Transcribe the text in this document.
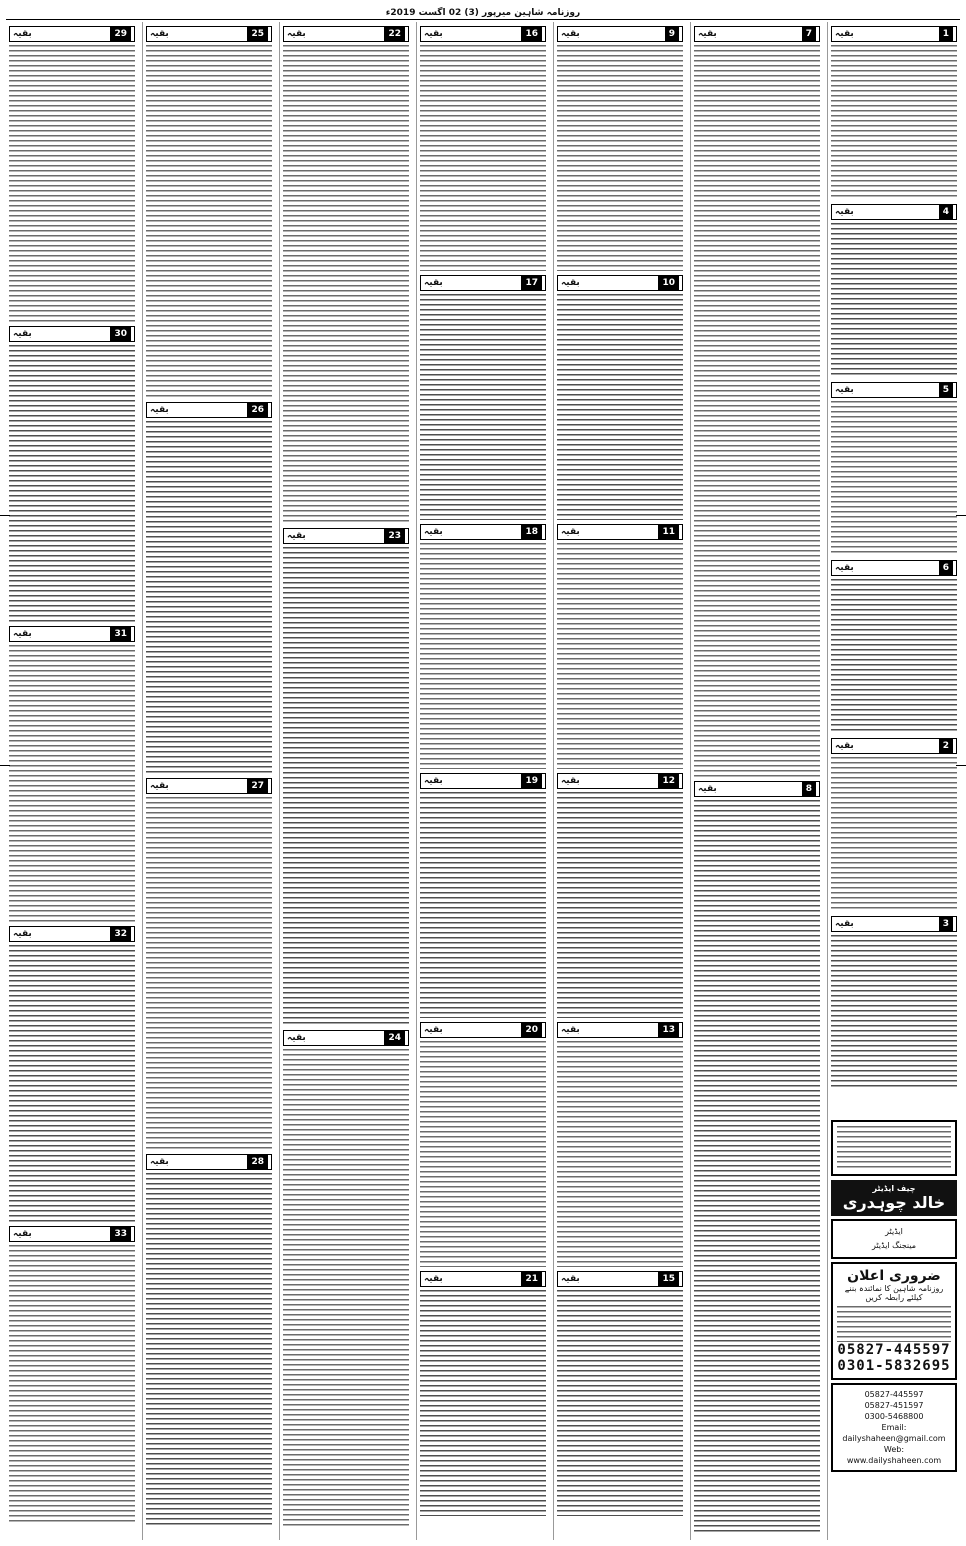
روزنامہ شاہین میرپور (3) 02 اگست 2019ء
بقیہ	1
بقیہ	4
بقیہ	5
بقیہ	6
بقیہ	2
بقیہ	3
چیف ایڈیٹر
خالد چوہدری
ایڈیٹر
مینجنگ ایڈیٹر
ضروری اعلان
روزنامہ شاہین کا نمائندہ بننے کیلئے رابطہ کریں
05827-445597
0301-5832695
05827-445597
05827-451597
0300-5468800
Email: dailyshaheen@gmail.com
Web: www.dailyshaheen.com
بقیہ	7
بقیہ	8
بقیہ	9
بقیہ	10
بقیہ	11
بقیہ	12
بقیہ	13
بقیہ	15
بقیہ	16
بقیہ	17
بقیہ	18
بقیہ	19
بقیہ	20
بقیہ	21
بقیہ	22
بقیہ	23
بقیہ	24
بقیہ	25
بقیہ	26
بقیہ	27
بقیہ	28
بقیہ	29
بقیہ	30
بقیہ	31
بقیہ	32
بقیہ	33
